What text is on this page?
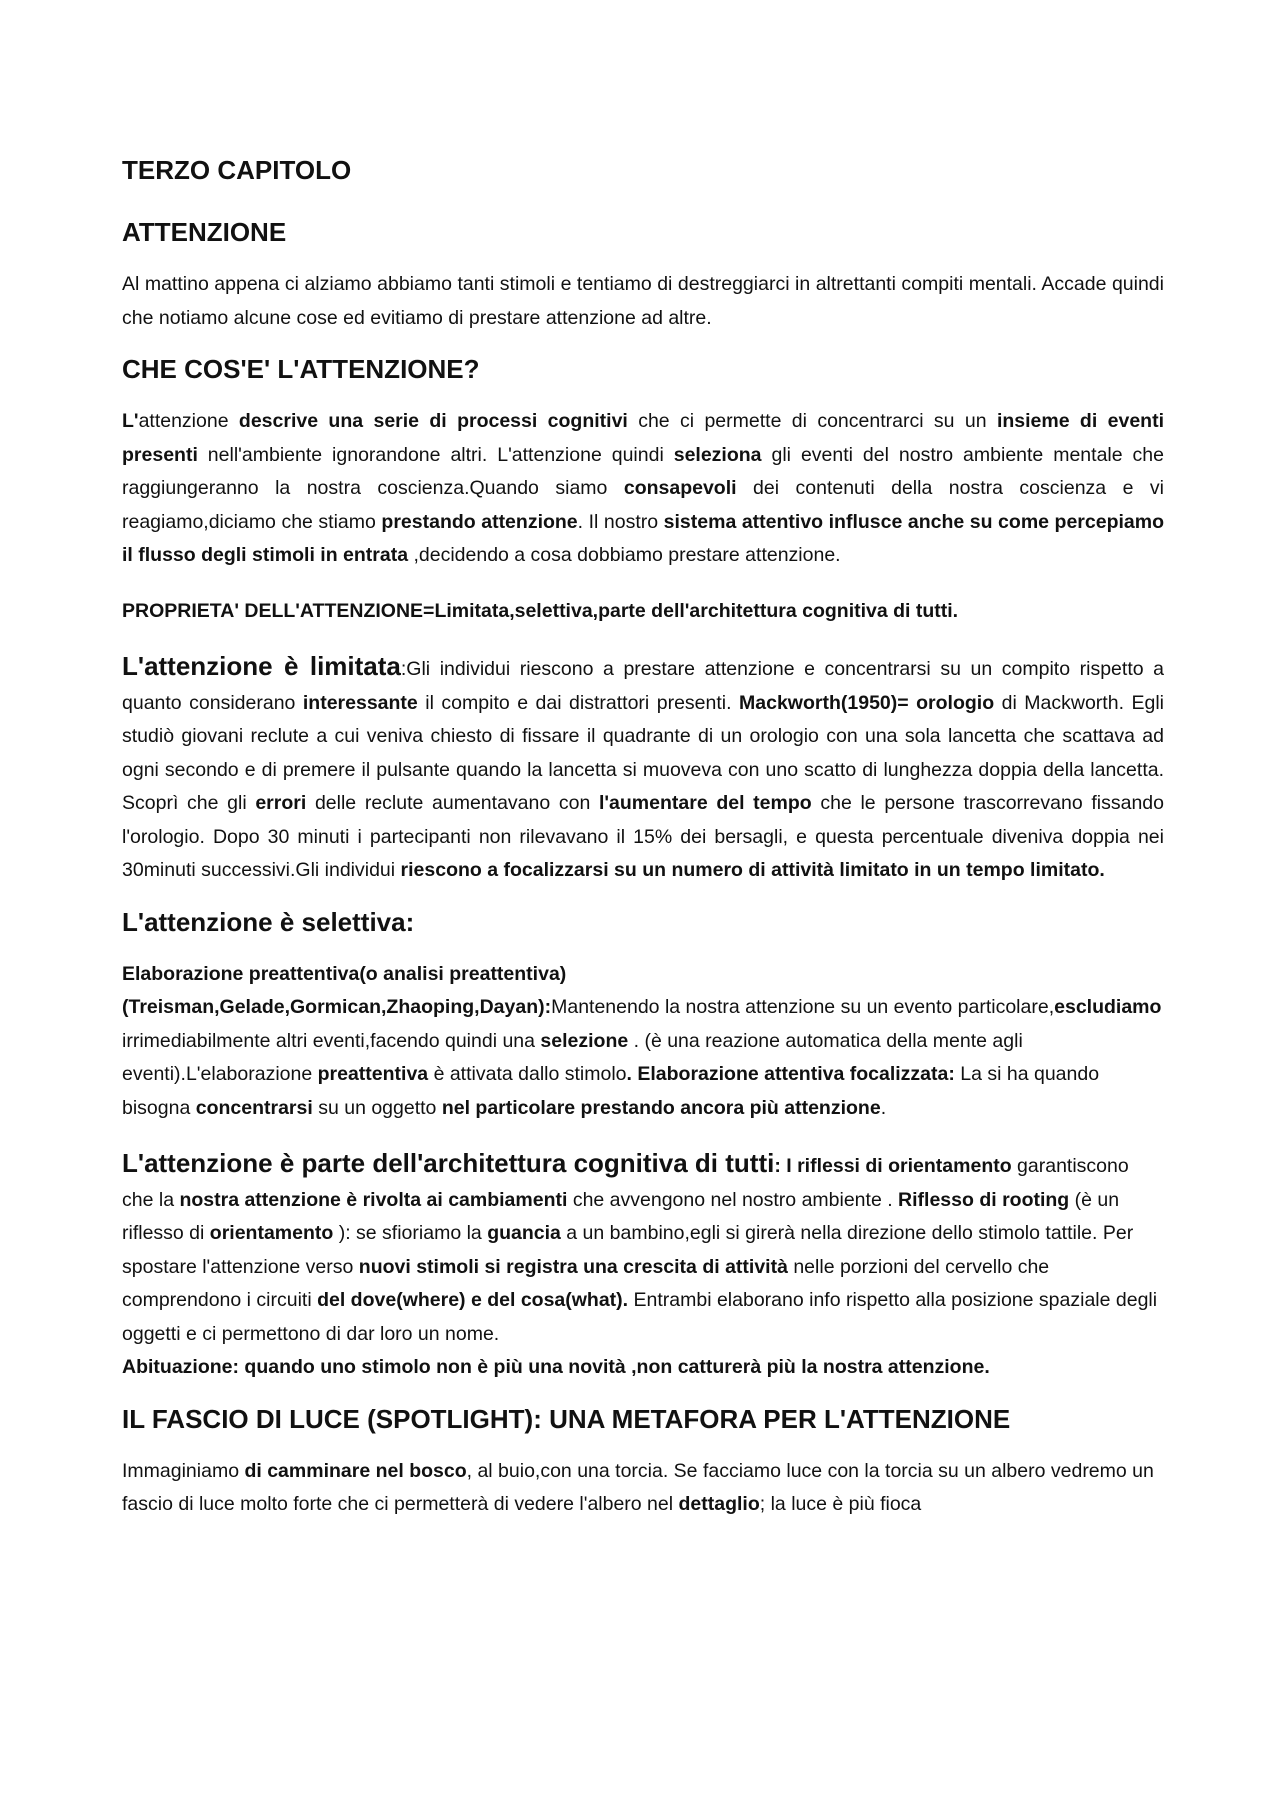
TERZO CAPITOLO
ATTENZIONE

Al mattino appena ci alziamo abbiamo tanti stimoli e tentiamo di destreggiarci in altrettanti compiti mentali. Accade quindi che notiamo alcune cose ed evitiamo di prestare attenzione ad altre.

CHE COS'E' L'ATTENZIONE?

L'attenzione descrive una serie di processi cognitivi che ci permette di concentrarci su un insieme di eventi presenti nell'ambiente ignorandone altri. L'attenzione quindi seleziona gli eventi del nostro ambiente mentale che raggiungeranno la nostra coscienza.Quando siamo consapevoli dei contenuti della nostra coscienza e vi reagiamo,diciamo che stiamo prestando attenzione. Il nostro sistema attentivo influsce anche su come percepiamo il flusso degli stimoli in entrata ,decidendo a cosa dobbiamo prestare attenzione.

PROPRIETA' DELL'ATTENZIONE=Limitata,selettiva,parte dell'architettura cognitiva di tutti.

L'attenzione è limitata:Gli individui riescono a prestare attenzione e concentrarsi su un compito rispetto a quanto considerano interessante il compito e dai distrattori presenti. Mackworth(1950)= orologio di Mackworth. Egli studiò giovani reclute a cui veniva chiesto di fissare il quadrante di un orologio con una sola lancetta che scattava ad ogni secondo e di premere il pulsante quando la lancetta si muoveva con uno scatto di lunghezza doppia della lancetta. Scoprì che gli errori delle reclute aumentavano con l'aumentare del tempo che le persone trascorrevano fissando l'orologio. Dopo 30 minuti i partecipanti non rilevavano il 15% dei bersagli, e questa percentuale diveniva doppia nei 30minuti successivi.Gli individui riescono a focalizzarsi su un numero di attività limitato in un tempo limitato.

L'attenzione è selettiva:

Elaborazione preattentiva(o analisi preattentiva)
(Treisman,Gelade,Gormican,Zhaoping,Dayan):Mantenendo la nostra attenzione su un evento particolare,escludiamo irrimediabilmente altri eventi,facendo quindi una selezione . (è una reazione automatica della mente agli eventi).L'elaborazione preattentiva è attivata dallo stimolo. Elaborazione attentiva focalizzata: La si ha quando bisogna concentrarsi su un oggetto nel particolare prestando ancora più attenzione.

L'attenzione è parte dell'architettura cognitiva di tutti: I riflessi di orientamento garantiscono che la nostra attenzione è rivolta ai cambiamenti che avvengono nel nostro ambiente . Riflesso di rooting (è un riflesso di orientamento ): se sfioriamo la guancia a un bambino,egli si girerà nella direzione dello stimolo tattile. Per spostare l'attenzione verso nuovi stimoli si registra una crescita di attività nelle porzioni del cervello che comprendono i circuiti del dove(where) e del cosa(what). Entrambi elaborano info rispetto alla posizione spaziale degli oggetti e ci permettono di dar loro un nome.
Abituazione: quando uno stimolo non è più una novità ,non catturerà più la nostra attenzione.

IL FASCIO DI LUCE (SPOTLIGHT): UNA METAFORA PER L'ATTENZIONE

Immaginiamo di camminare nel bosco, al buio,con una torcia. Se facciamo luce con la torcia su un albero vedremo un fascio di luce molto forte che ci permetterà di vedere l'albero nel dettaglio; la luce è più fioca
